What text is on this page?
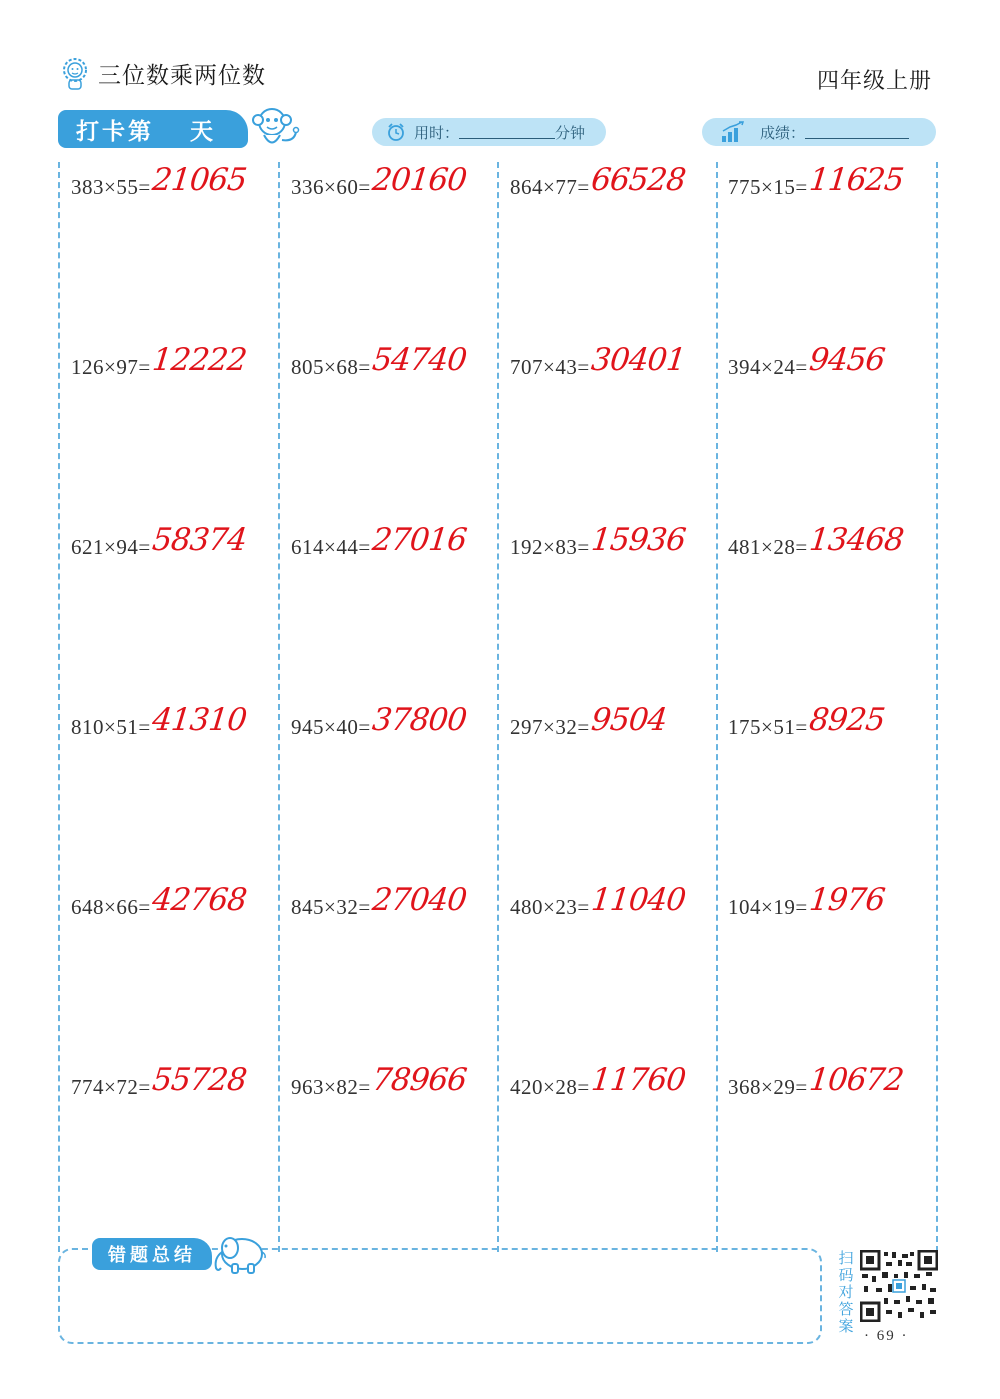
三位数乘两位数	四年级上册
打卡第 天	用时：	分钟	成绩：
383×55= 21065 336×60= 20160 864×77= 66528 775×15= 11625
126×97= 12222 805×68= 54740 707×43= 30401 394×24= 9456
621×94= 58374 614×44= 27016 192×83= 15936 481×28= 13468
810×51= 41310 945×40= 37800 297×32= 9504	175×51= 8925
648×66= 42768 845×32= 27040 480×23= 11040 104×19= 1976
774×72= 55728 963×82= 78966 420×28= 11760 368×29= 10672
错题总结	扫码对答案
· 69 ·
